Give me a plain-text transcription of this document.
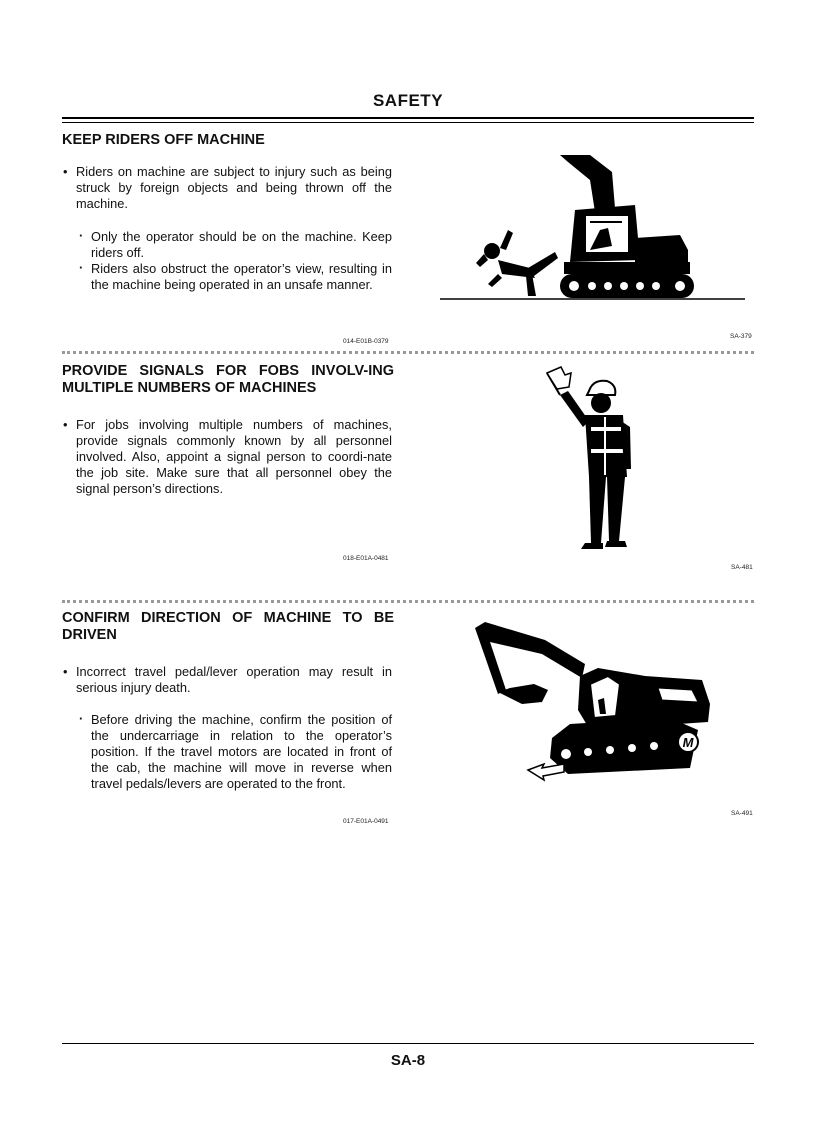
SAFETY
KEEP RIDERS OFF MACHINE
• Riders on machine are subject to injury such as being struck by foreign objects and being thrown off the machine.
· Only the operator should be on the machine. Keep riders off.
· Riders also obstruct the operator’s view, resulting in the machine being operated in an unsafe manner.
014-E01B-0379
SA-379
PROVIDE SIGNALS FOR FOBS INVOLV-ING MULTIPLE NUMBERS OF MACHINES
• For jobs involving multiple numbers of machines, provide signals commonly known by all personnel involved. Also, appoint a signal person to coordi-nate the job site. Make sure that all personnel obey the signal person’s directions.
018-E01A-0481
SA-481
CONFIRM DIRECTION OF MACHINE TO BE DRIVEN
• Incorrect travel pedal/lever operation may result in serious injury death.
· Before driving the machine, confirm the position of the undercarriage in relation to the operator’s position. If the travel motors are located in front of the cab, the machine will move in reverse when travel pedals/levers are operated to the front.
017-E01A-0491
SA-491
M
SA-8
